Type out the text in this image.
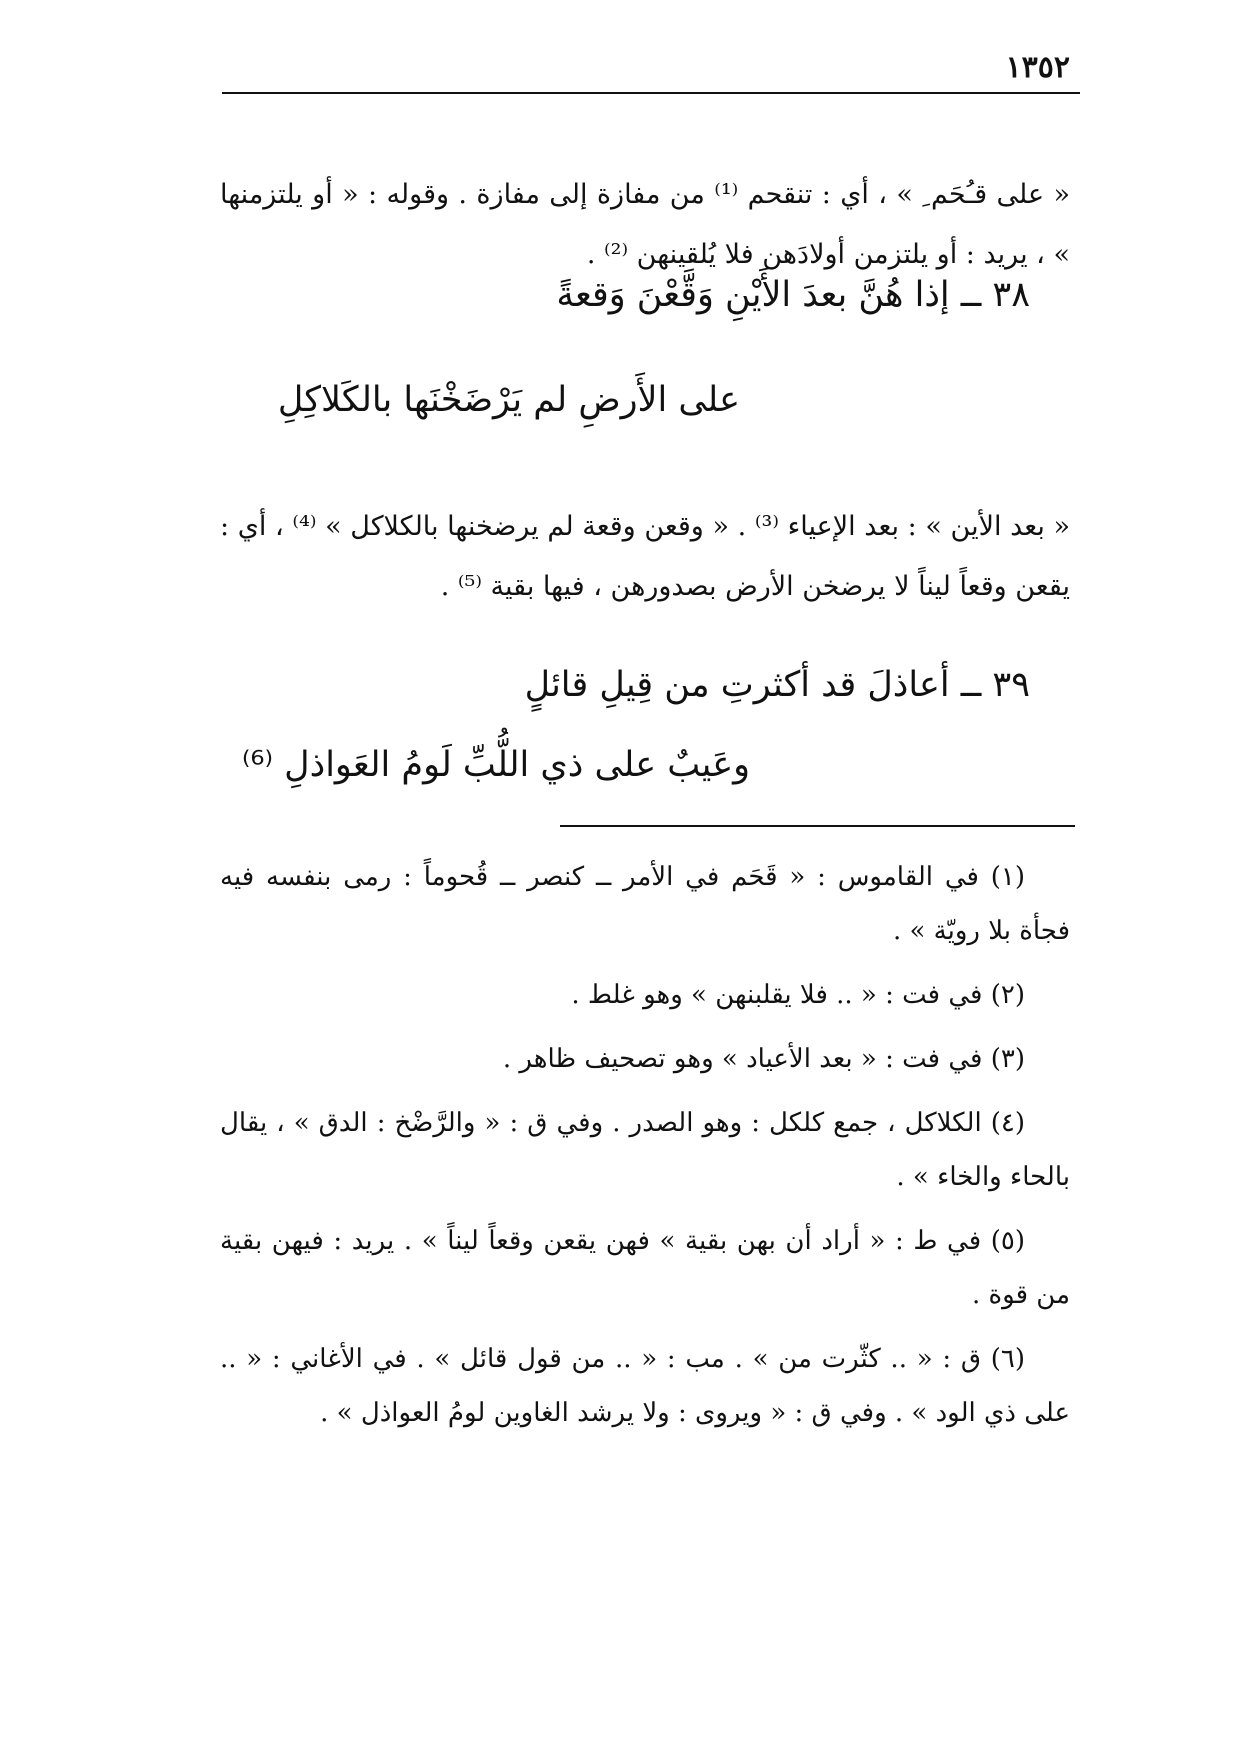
١٣٥٢

« على قـُحَم ِ » ، أي : تنقحم ⁽¹⁾ من مفازة إلى مفازة . وقوله : « أو يلتزمنها » ، يريد : أو يلتزمن أولادَهن فلا يُلقينهن ⁽²⁾ .

٣٨ ــ إذا هُنَّ بعدَ الأَيْنِ وَقَّعْنَ وَقعةً
على الأَرضِ لم يَرْضَخْنَها بالكَلاكِلِ

« بعد الأين » : بعد الإعياء ⁽³⁾ . « وقعن وقعة لم يرضخنها بالكلاكل » ⁽⁴⁾ ، أي : يقعن وقعاً ليناً لا يرضخن الأرض بصدورهن ، فيها بقية ⁽⁵⁾ .

٣٩ ــ أعاذلَ قد أكثرتِ من قِيلِ قائلٍ
وعَيبٌ على ذي اللُّبِّ لَومُ العَواذلِ ⁽⁶⁾

(١) في القاموس : « قَحَم في الأمر ــ كنصر ــ قُحوماً : رمى بنفسه فيه فجأة بلا رويّة » .

(٢) في فت : « .. فلا يقلبنهن » وهو غلط .

(٣) في فت : « بعد الأعياد » وهو تصحيف ظاهر .

(٤) الكلاكل ، جمع كلكل : وهو الصدر . وفي ق : « والرَّضْخ : الدق » ، يقال بالحاء والخاء » .

(٥) في ط : « أراد أن بهن بقية » فهن يقعن وقعاً ليناً » . يريد : فيهن بقية من قوة .

(٦) ق : « .. كثّرت من » . مب : « .. من قول قائل » . في الأغاني : « .. على ذي الود » . وفي ق : « ويروى : ولا يرشد الغاوين لومُ العواذل » .
